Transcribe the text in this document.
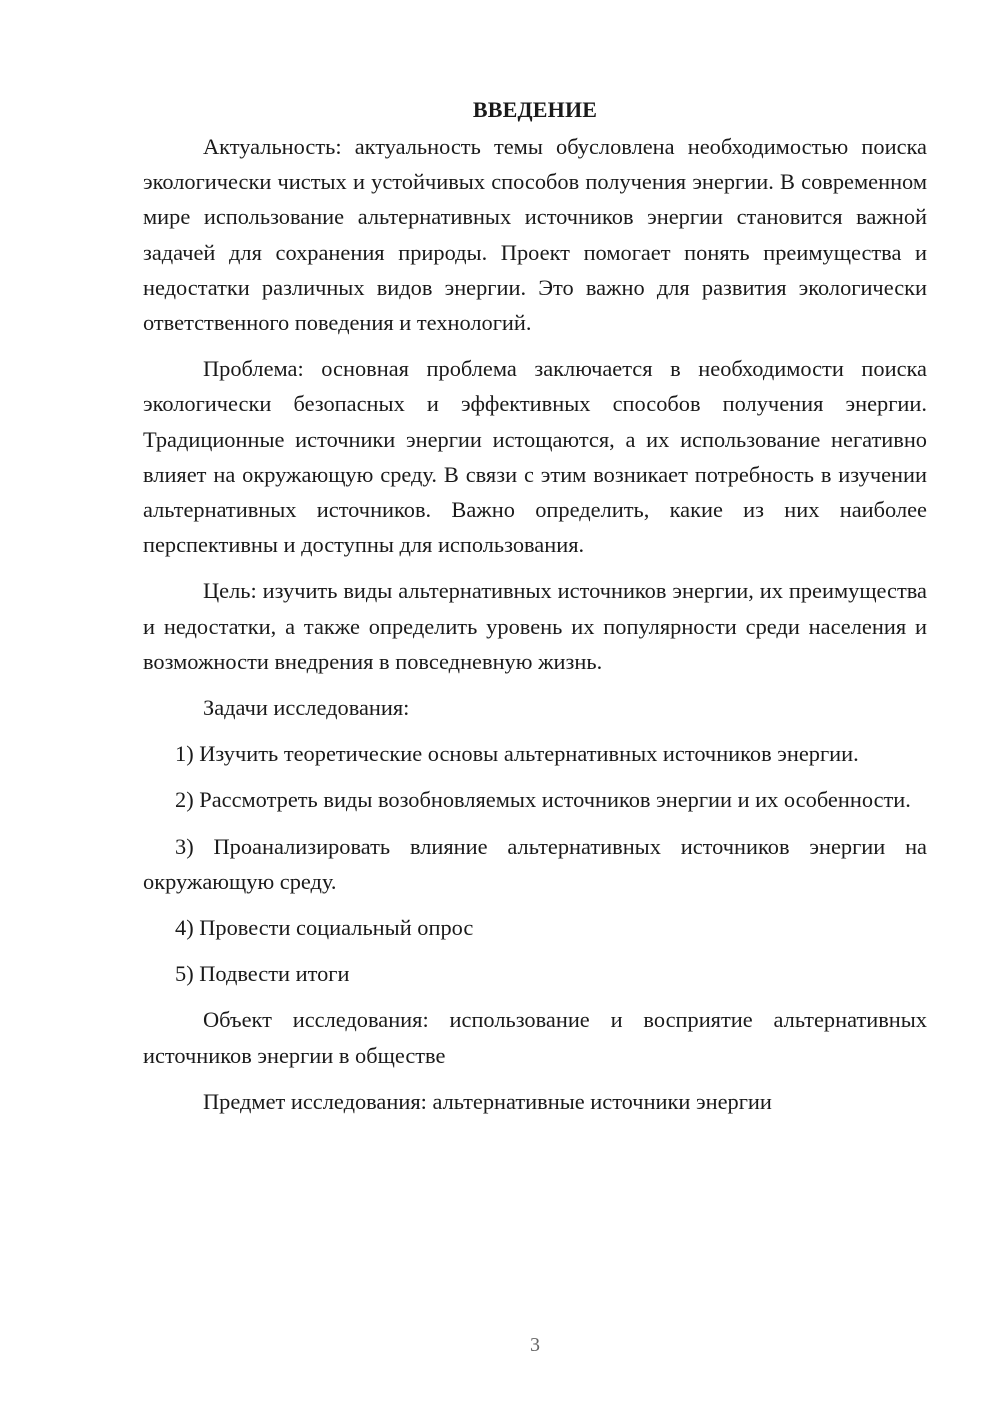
ВВЕДЕНИЕ

Актуальность: актуальность темы обусловлена необходимостью поиска экологически чистых и устойчивых способов получения энергии. В современном мире использование альтернативных источников энергии становится важной задачей для сохранения природы. Проект помогает понять преимущества и недостатки различных видов энергии. Это важно для развития экологически ответственного поведения и технологий.

Проблема: основная проблема заключается в необходимости поиска экологически безопасных и эффективных способов получения энергии. Традиционные источники энергии истощаются, а их использование негативно влияет на окружающую среду. В связи с этим возникает потребность в изучении альтернативных источников. Важно определить, какие из них наиболее перспективны и доступны для использования.

Цель: изучить виды альтернативных источников энергии, их преимущества и недостатки, а также определить уровень их популярности среди населения и возможности внедрения в повседневную жизнь.

Задачи исследования:

1) Изучить теоретические основы альтернативных источников энергии.

2) Рассмотреть виды возобновляемых источников энергии и их особенности.

3) Проанализировать влияние альтернативных источников энергии на окружающую среду.

4) Провести социальный опрос

5) Подвести итоги

Объект исследования: использование и восприятие альтернативных источников энергии в обществе

Предмет исследования: альтернативные источники энергии

3
